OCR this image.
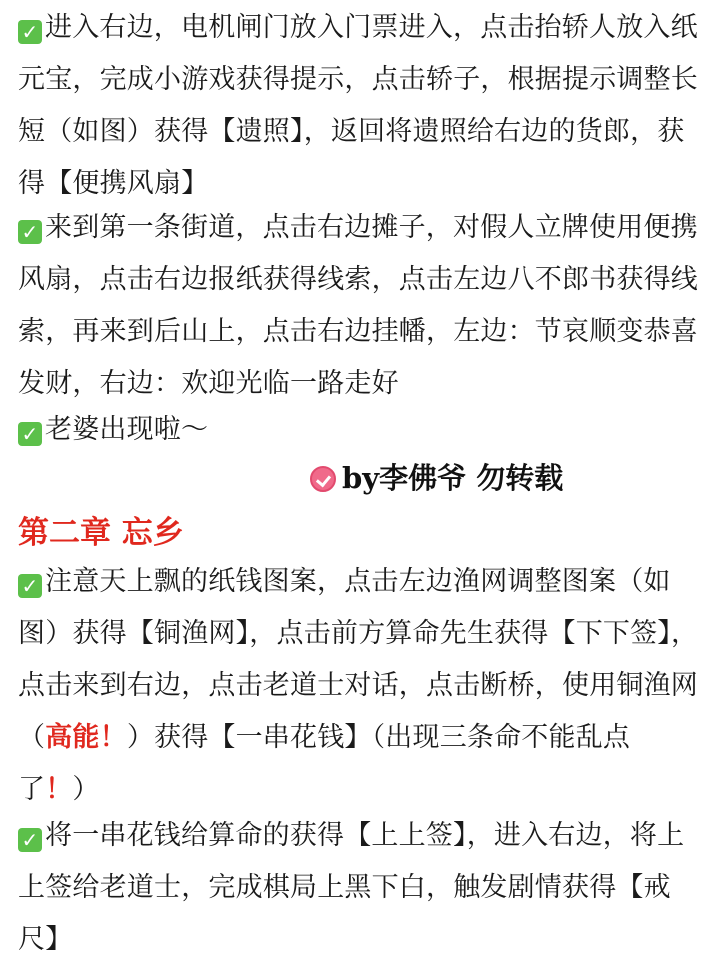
✓ 进入右边，电机闸门放入门票进入，点击抬轿人放入纸元宝，完成小游戏获得提示，点击轿子，根据提示调整长短（如图）获得【遗照】，返回将遗照给右边的货郎，获得【便携风扇】
✓ 来到第一条街道，点击右边摊子，对假人立牌使用便携风扇，点击右边报纸获得线索，点击左边八不郎书获得线索，再来到后山上，点击右边挂幡，左边：节哀顺变恭喜发财，右边：欢迎光临一路走好
✓ 老婆出现啦～
by李佛爷 勿转载
第二章 忘乡
✓ 注意天上飘的纸钱图案，点击左边渔网调整图案（如图）获得【铜渔网】，点击前方算命先生获得【下下签】，点击来到右边，点击老道士对话，点击断桥，使用铜渔网（高能！）获得【一串花钱】（出现三条命不能乱点了！）
✓ 将一串花钱给算命的获得【上上签】，进入右边，将上上签给老道士，完成棋局上黑下白，触发剧情获得【戒尺】
